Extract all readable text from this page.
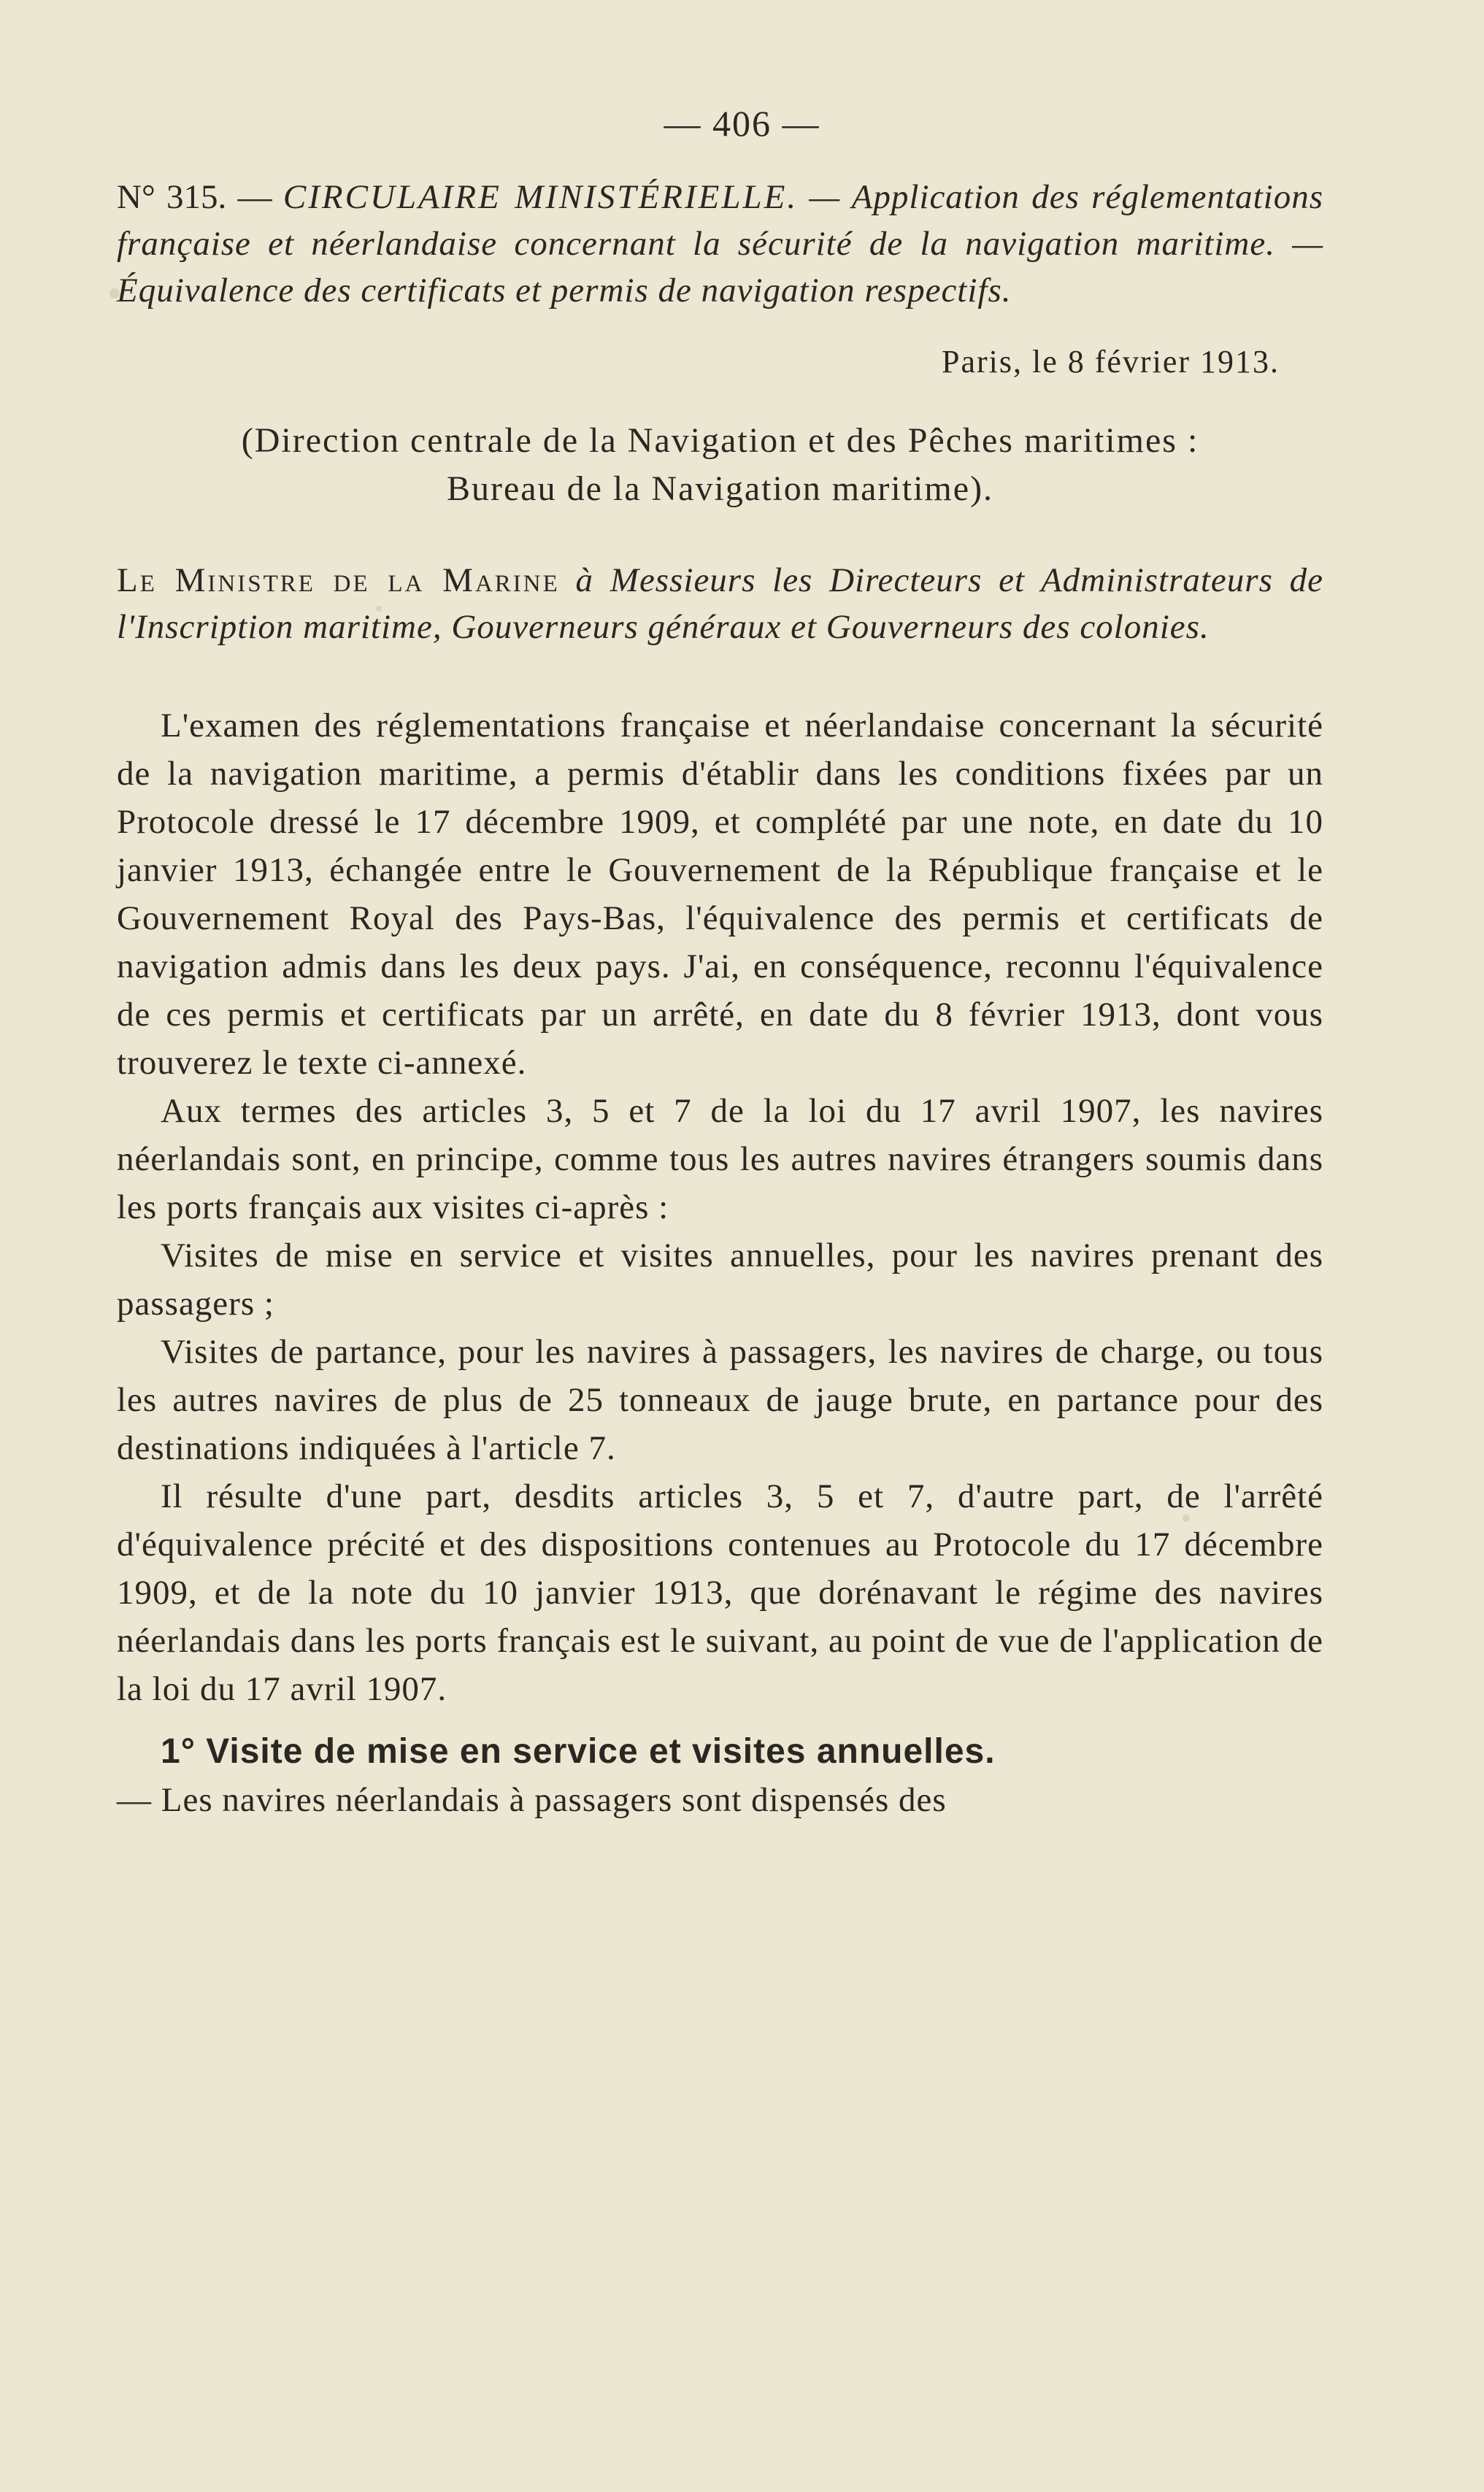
— 406 —

N° 315. — CIRCULAIRE MINISTÉRIELLE. — Application des réglementations française et néerlandaise concernant la sécurité de la navigation maritime. — Équivalence des certificats et permis de navigation respectifs.

Paris, le 8 février 1913.
(Direction centrale de la Navigation et des Pêches maritimes :
Bureau de la Navigation maritime).

Le Ministre de la Marine à Messieurs les Directeurs et Administrateurs de l'Inscription maritime, Gouverneurs généraux et Gouverneurs des colonies.

L'examen des réglementations française et néerlandaise concernant la sécurité de la navigation maritime, a permis d'établir dans les conditions fixées par un Protocole dressé le 17 décembre 1909, et complété par une note, en date du 10 janvier 1913, échangée entre le Gouvernement de la République française et le Gouvernement Royal des Pays-Bas, l'équivalence des permis et certificats de navigation admis dans les deux pays. J'ai, en conséquence, reconnu l'équivalence de ces permis et certificats par un arrêté, en date du 8 février 1913, dont vous trouverez le texte ci-annexé.

Aux termes des articles 3, 5 et 7 de la loi du 17 avril 1907, les navires néerlandais sont, en principe, comme tous les autres navires étrangers soumis dans les ports français aux visites ci-après :

Visites de mise en service et visites annuelles, pour les navires prenant des passagers ;

Visites de partance, pour les navires à passagers, les navires de charge, ou tous les autres navires de plus de 25 tonneaux de jauge brute, en partance pour des destinations indiquées à l'article 7.

Il résulte d'une part, desdits articles 3, 5 et 7, d'autre part, de l'arrêté d'équivalence précité et des dispositions contenues au Protocole du 17 décembre 1909, et de la note du 10 janvier 1913, que dorénavant le régime des navires néerlandais dans les ports français est le suivant, au point de vue de l'application de la loi du 17 avril 1907.

1° Visite de mise en service et visites annuelles.

— Les navires néerlandais à passagers sont dispensés des
